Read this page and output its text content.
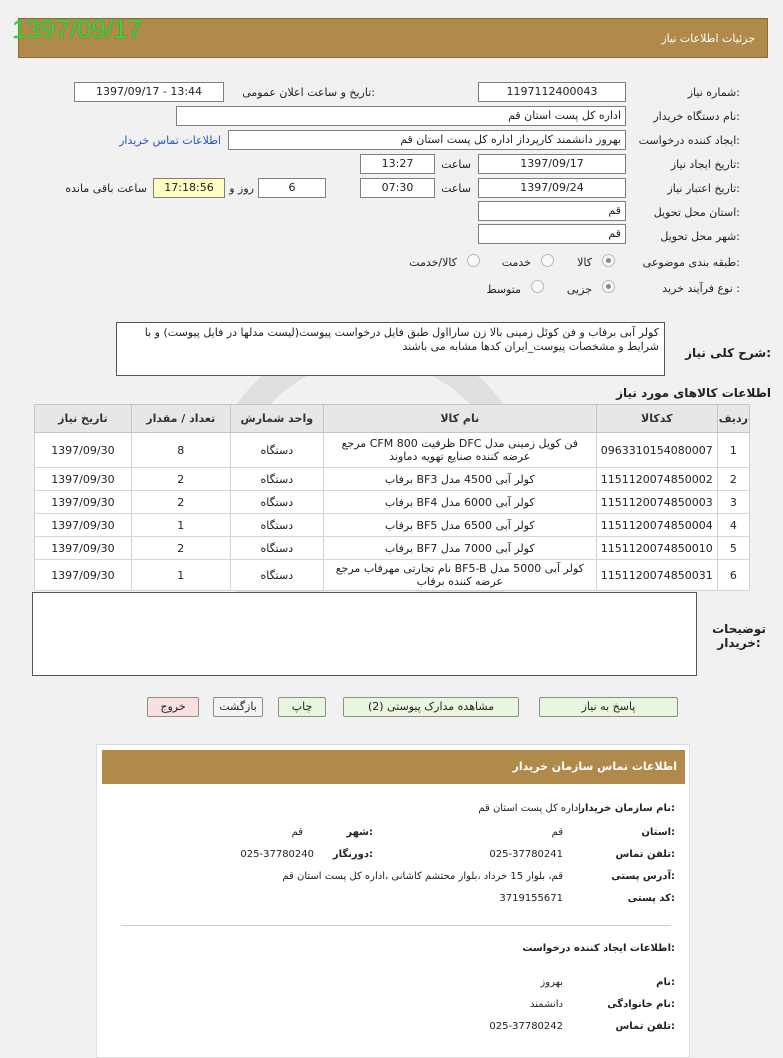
جزئیات اطلاعات نیاز
1397/09/17
شماره نیاز:
1197112400043
تاریخ و ساعت اعلان عمومی:
1397/09/17 - 13:44
نام دستگاه خریدار:
اداره کل پست استان قم
ایجاد کننده درخواست:
بهروز دانشمند کارپرداز اداره کل پست استان قم
اطلاعات تماس خریدار
تاریخ ایجاد نیاز:
1397/09/17
ساعت
13:27
تاریخ اعتبار نیاز:
1397/09/24
ساعت
07:30
6
روز و
17:18:56
ساعت باقی مانده
استان محل تحویل:
قم
شهر محل تحویل:
قم
طبقه بندی موضوعی:
کالا
خدمت
کالا/خدمت
نوع فرآیند خرید :
جزیی
متوسط
شرح کلی نیاز:
کولر آبی برفاب و فن کوئل زمینی بالا زن سارااول طبق فایل درخواست پیوست(لیست مدلها در فایل پیوست) و با شرایط و مشخصات پیوست_ایران کدها مشابه می باشند
اطلاعات کالاهای مورد نیاز
ردیف	کدکالا	نام کالا	واحد شمارش	تعداد / مقدار	تاریخ نیاز
1	0963310154080007	فن کویل زمینی مدل DFC ظرفیت CFM 800 مرجع عرضه کننده صنایع تهویه دماوند	دستگاه	8	1397/09/30
2	1151120074850002	کولر آبی 4500 مدل BF3 برفاب	دستگاه	2	1397/09/30
3	1151120074850003	کولر آبی 6000 مدل BF4 برفاب	دستگاه	2	1397/09/30
4	1151120074850004	کولر آبی 6500 مدل BF5 برفاب	دستگاه	1	1397/09/30
5	1151120074850010	کولر آبی 7000 مدل BF7 برفاب	دستگاه	2	1397/09/30
6	1151120074850031	کولر آبی 5000 مدل BF5-B نام تجارتی مهرفاب مرجع عرضه کننده برفاب	دستگاه	1	1397/09/30
توضیحات خریدار:
پاسخ به نیاز
مشاهده مدارک پیوستی (2)
چاپ
بازگشت
خروج
اطلاعات تماس سازمان خریدار
نام سازمان خریدار:
اداره کل پست استان قم
استان:
قم
شهر:
قم
تلفن تماس:
025-37780241
دورنگار:
025-37780240
آدرس پستی:
قم، بلوار 15 خرداد ،بلوار محتشم کاشانی ،اداره کل پست استان قم
کد پستی:
3719155671
اطلاعات ایجاد کننده درخواست:
نام:
بهروز
نام خانوادگی:
دانشمند
تلفن تماس:
025-37780242
